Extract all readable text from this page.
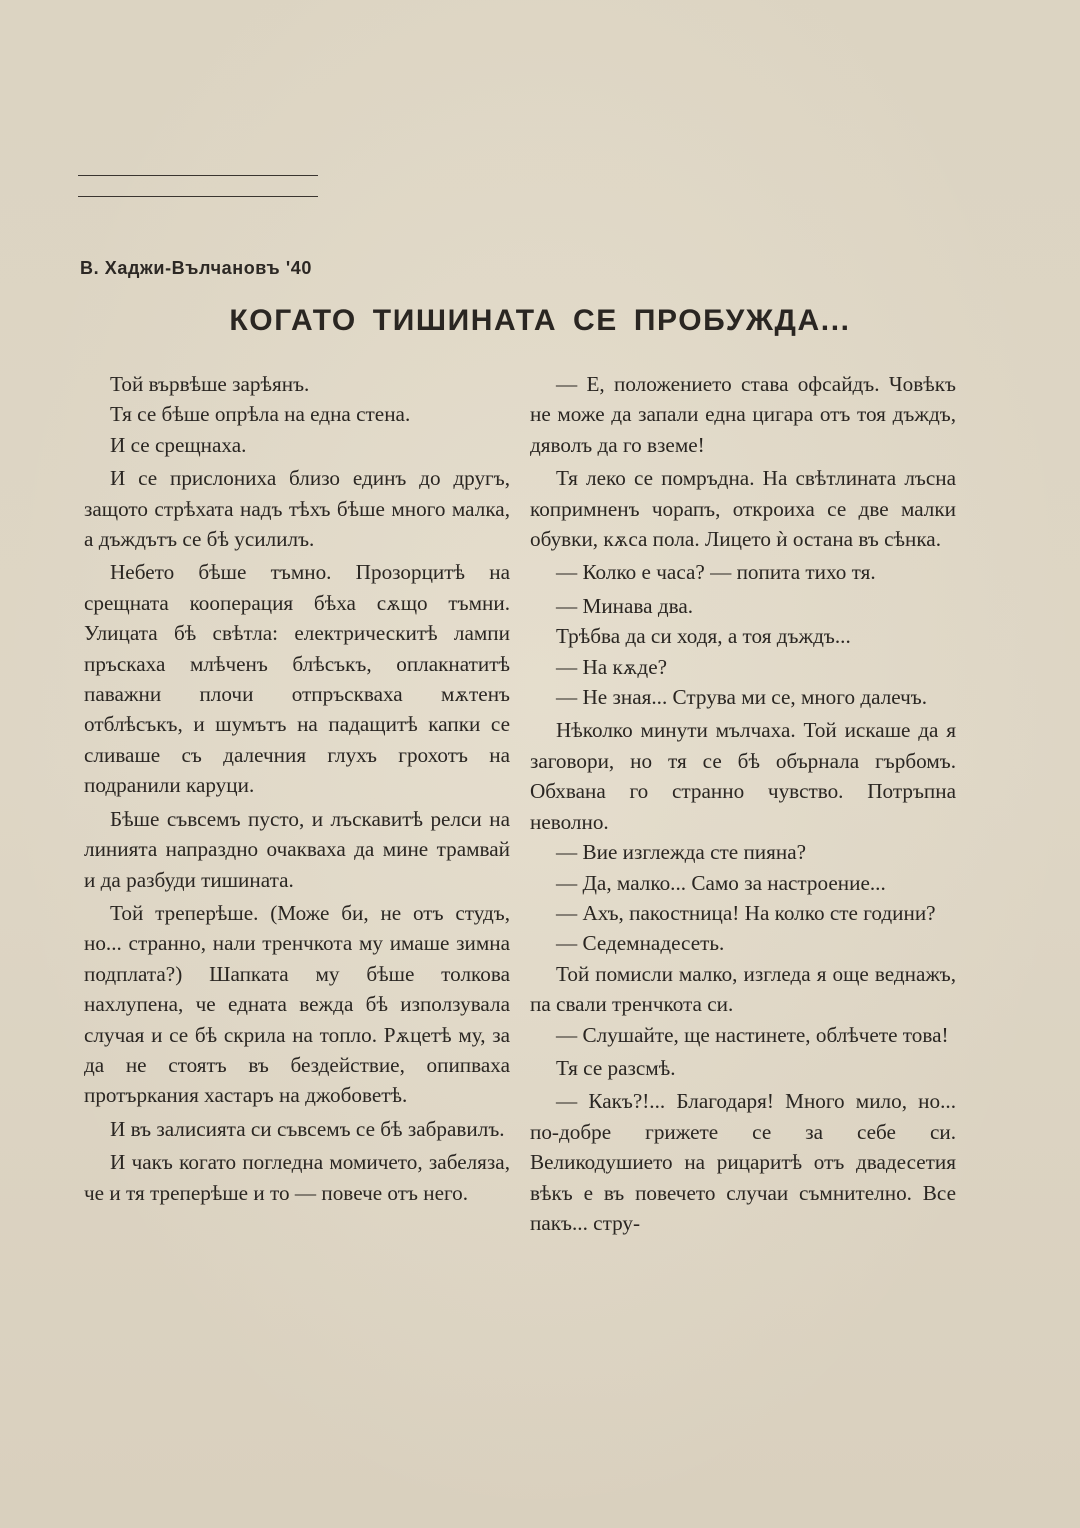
В. Хаджи-Вълчановъ '40
КОГАТО ТИШИНАТА СЕ ПРОБУЖДА...

Той вървѣше зарѣянъ.

Тя се бѣше опрѣла на една стена.

И се срещнаха.

И се прислониха близо единъ до другъ, защото стрѣхата надъ тѣхъ бѣше много малка, а дъждътъ се бѣ усилилъ.

Небето бѣше тъмно. Прозорцитѣ на срещната кооперация бѣха сѫщо тъмни. Улицата бѣ свѣтла: електрическитѣ лампи пръскаха млѣченъ блѣсъкъ, оплакнатитѣ паважни плочи отпръскваха мѫтенъ отблѣсъкъ, и шумътъ на падащитѣ капки се сливаше съ далечния глухъ грохотъ на подранили каруци.

Бѣше съвсемъ пусто, и лъскавитѣ релси на линията напраздно очакваха да мине трамвай и да разбуди тишината.

Той треперѣше. (Може би, не отъ студъ, но... странно, нали тренчкота му имаше зимна подплата?) Шапката му бѣше толкова нахлупена, че едната вежда бѣ използувала случая и се бѣ скрила на топло. Рѫцетѣ му, за да не стоятъ въ бездействие, опипваха протъркания хастаръ на джобоветѣ.

И въ залисията си съвсемъ се бѣ забравилъ.

И чакъ когато погледна момичето, забеляза, че и тя треперѣше и то — повече отъ него.

— Е, положението става офсайдъ. Човѣкъ не може да запали една цигара отъ тоя дъждъ, дяволъ да го вземе!

Тя леко се помръдна. На свѣтлината лъсна копримненъ чорапъ, откроиха се две малки обувки, кѫса пола. Лицето ѝ остана въ сѣнка.

— Колко е часа? — попита тихо тя.

— Минава два.

Трѣбва да си ходя, а тоя дъждъ...

— На кѫде?

— Не зная... Струва ми се, много далечъ.

Нѣколко минути мълчаха. Той искаше да я заговори, но тя се бѣ обърнала гърбомъ. Обхвана го странно чувство. Потръпна неволно.

— Вие изглежда сте пияна?

— Да, малко... Само за настроение...

— Ахъ, пакостница! На колко сте години?

— Седемнадесеть.

Той помисли малко, изгледа я още веднажъ, па свали тренчкота си.

— Слушайте, ще настинете, облѣчете това!

Тя се разсмѣ.

— Какъ?!... Благодаря! Много мило, но... по-добре грижете се за себе си. Великодушието на рицаритѣ отъ двадесетия вѣкъ е въ повечето случаи съмнително. Все пакъ... стру-
